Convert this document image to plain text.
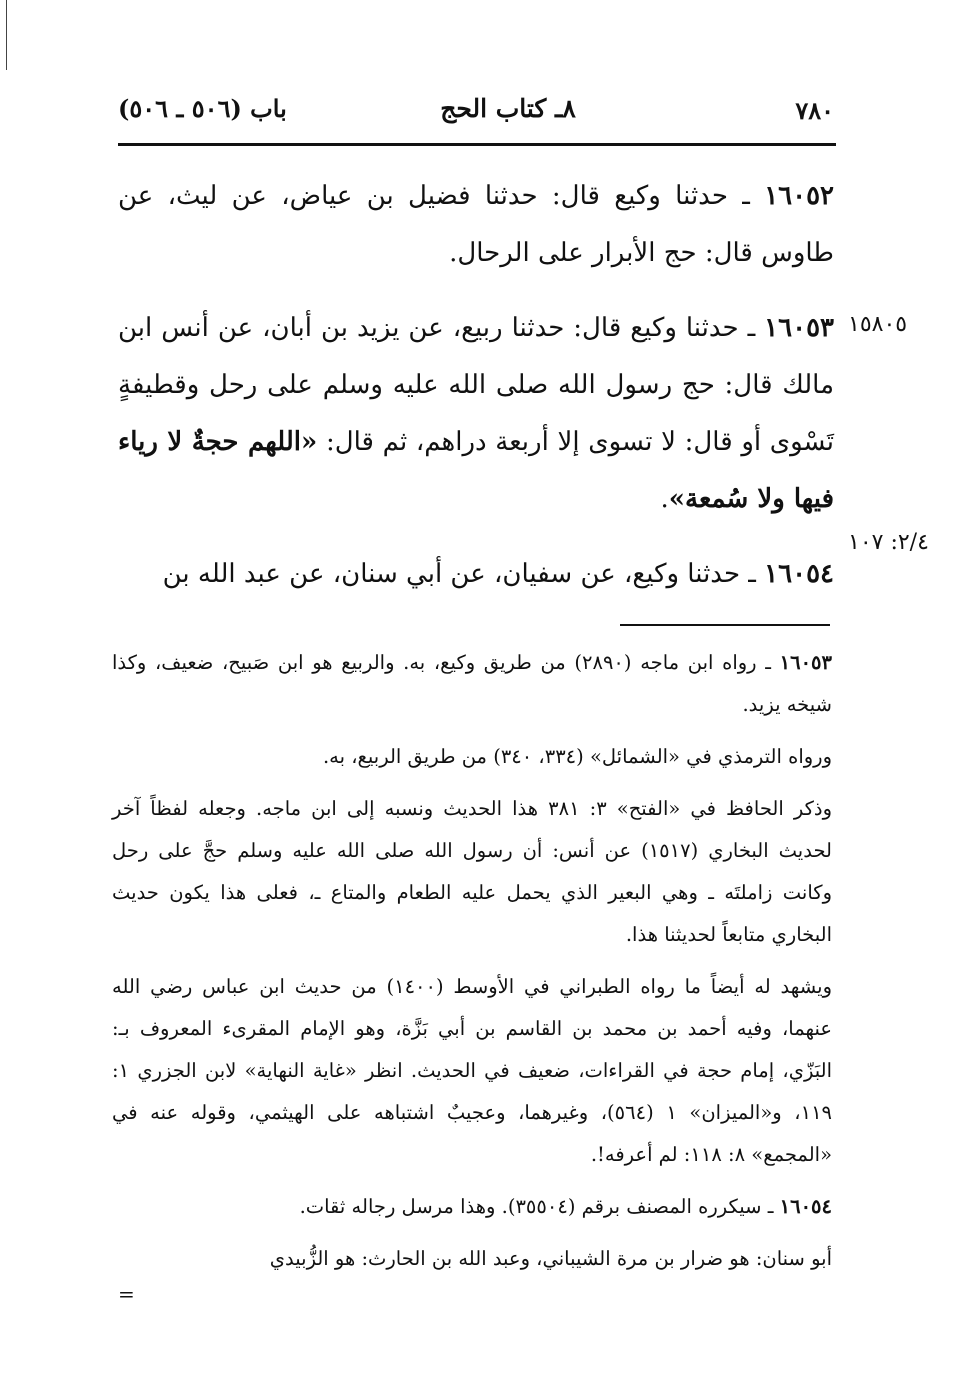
٧٨٠
٨ـ كتاب الحج
باب (٥٠٦ ـ ٥٠٦)
١٥٨٠٥
٢/٤: ١٠٧
١٦٠٥٢ ـ حدثنا وكيع قال: حدثنا فضيل بن عياض، عن ليث، عن طاوس قال: حج الأبرار على الرحال.
١٦٠٥٣ ـ حدثنا وكيع قال: حدثنا ربيع، عن يزيد بن أبان، عن أنس ابن مالك قال: حج رسول الله صلى الله عليه وسلم على رحل وقطيفةٍ تَسْوى أو قال: لا تسوى إلا أربعة دراهم، ثم قال: «اللهم حجةٌ لا رياء فيها ولا سُمعة».
١٦٠٥٤ ـ حدثنا وكيع، عن سفيان، عن أبي سنان، عن عبد الله بن

١٦٠٥٣ ـ رواه ابن ماجه (٢٨٩٠) من طريق وكيع، به. والربيع هو ابن صَبيح، ضعيف، وكذا شيخه يزيد.

ورواه الترمذي في «الشمائل» (٣٣٤، ٣٤٠) من طريق الربيع، به.

وذكر الحافظ في «الفتح» ٣: ٣٨١ هذا الحديث ونسبه إلى ابن ماجه. وجعله لفظاً آخر لحديث البخاري (١٥١٧) عن أنس: أن رسول الله صلى الله عليه وسلم حجَّ على رحل وكانت زاملتَه ـ وهي البعير الذي يحمل عليه الطعام والمتاع ـ، فعلى هذا يكون حديث البخاري متابعاً لحديثنا هذا.

ويشهد له أيضاً ما رواه الطبراني في الأوسط (١٤٠٠) من حديث ابن عباس رضي الله عنهما، وفيه أحمد بن محمد بن القاسم بن أبي بَزَّة، وهو الإمام المقرىء المعروف بـ: البَزّي، إمام حجة في القراءات، ضعيف في الحديث. انظر «غاية النهاية» لابن الجزري ١: ١١٩، و«الميزان» ١ (٥٦٤)، وغيرهما، وعجيبٌ اشتباهه على الهيثمي، وقوله عنه في «المجمع» ٨: ١١٨: لم أعرفه!.

١٦٠٥٤ ـ سيكرره المصنف برقم (٣٥٥٠٤). وهذا مرسل رجاله ثقات.

أبو سنان: هو ضرار بن مرة الشيباني، وعبد الله بن الحارث: هو الزُّبيدي

=
